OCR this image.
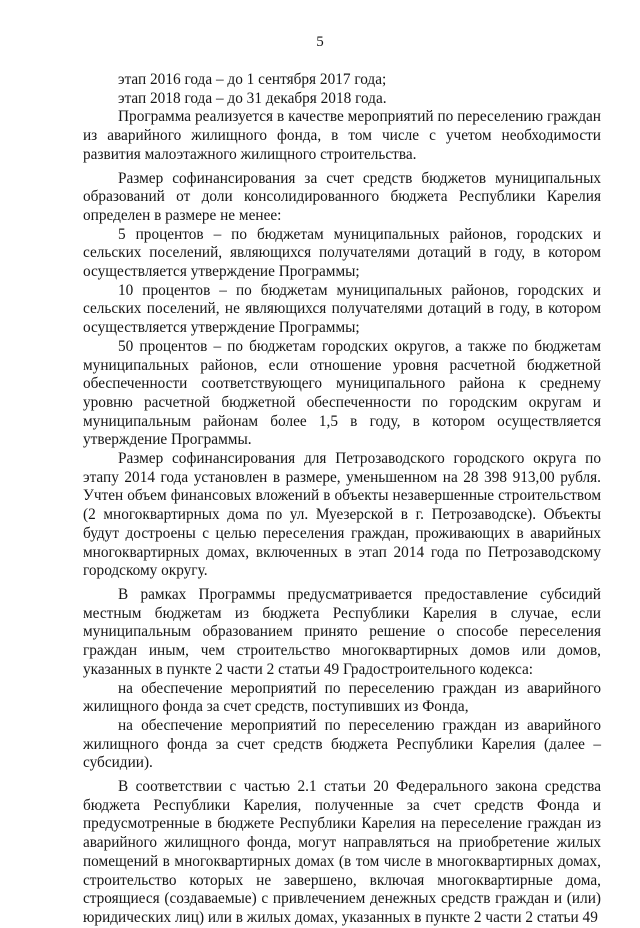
5

этап 2016 года – до 1 сентября 2017 года;

этап 2018 года – до 31 декабря 2018 года.

Программа реализуется в качестве мероприятий по переселению граждан из аварийного жилищного фонда, в том числе с учетом необходимости развития малоэтажного жилищного строительства.

Размер софинансирования за счет средств бюджетов муниципальных образований от доли консолидированного бюджета Республики Карелия определен в размере не менее:

5 процентов – по бюджетам муниципальных районов, городских и сельских поселений, являющихся получателями дотаций в году, в котором осуществляется утверждение Программы;

10 процентов – по бюджетам муниципальных районов, городских и сельских поселений, не являющихся получателями дотаций в году, в котором осуществляется утверждение Программы;

50 процентов – по бюджетам городских округов, а также по бюджетам муниципальных районов, если отношение уровня расчетной бюджетной обеспеченности соответствующего муниципального района к среднему уровню расчетной бюджетной обеспеченности по городским округам и муниципальным районам более 1,5 в году, в котором осуществляется утверждение Программы.

Размер софинансирования для Петрозаводского городского округа по этапу 2014 года установлен в размере, уменьшенном на 28 398 913,00 рубля. Учтен объем финансовых вложений в объекты незавершенные строительством (2 многоквартирных дома по ул. Муезерской в г. Петрозаводске). Объекты будут достроены с целью переселения граждан, проживающих в аварийных многоквартирных домах, включенных в этап 2014 года по Петрозаводскому городскому округу.

В рамках Программы предусматривается предоставление субсидий местным бюджетам из бюджета Республики Карелия в случае, если муниципальным образованием принято решение о способе переселения граждан иным, чем строительство многоквартирных домов или домов, указанных в пункте 2 части 2 статьи 49 Градостроительного кодекса:

на обеспечение мероприятий по переселению граждан из аварийного жилищного фонда за счет средств, поступивших из Фонда,

на обеспечение мероприятий по переселению граждан из аварийного жилищного фонда за счет средств бюджета Республики Карелия (далее – субсидии).

В соответствии с частью 2.1 статьи 20 Федерального закона средства бюджета Республики Карелия, полученные за счет средств Фонда и предусмотренные в бюджете Республики Карелия на переселение граждан из аварийного жилищного фонда, могут направляться на приобретение жилых помещений в многоквартирных домах (в том числе в многоквартирных домах, строительство которых не завершено, включая многоквартирные дома, строящиеся (создаваемые) с привлечением денежных средств граждан и (или) юридических лиц) или в жилых домах, указанных в пункте 2 части 2 статьи 49
